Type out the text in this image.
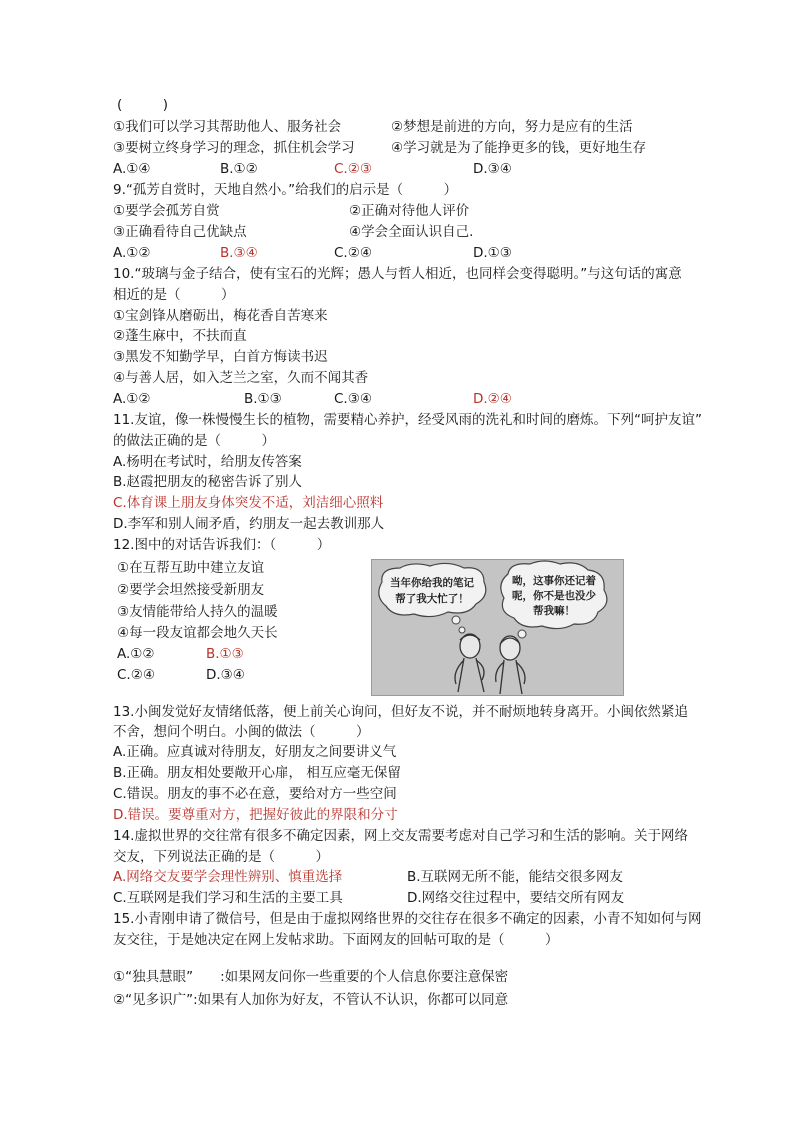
(　　　)
①我们可以学习其帮助他人、服务社会	②梦想是前进的方向，努力是应有的生活
③要树立终身学习的理念，抓住机会学习	④学习就是为了能挣更多的钱，更好地生存
A.①④	B.①②	C.②③	D.③④
9.“孤芳自赏时，天地自然小。”给我们的启示是（　　　）
①要学会孤芳自赏	②正确对待他人评价
③正确看待自己优缺点	④学会全面认识自己.
A.①②	B.③④	C.②④	D.①③
10.“玻璃与金子结合，使有宝石的光辉；愚人与哲人相近，也同样会变得聪明。”与这句话的寓意
相近的是（　　　）
①宝剑锋从磨砺出，梅花香自苦寒来
②蓬生麻中，不扶而直
③黑发不知勤学早，白首方悔读书迟
④与善人居，如入芝兰之室，久而不闻其香
A.①②	B.①③	C.③④	D.②④
11.友谊，像一株慢慢生长的植物，需要精心养护，经受风雨的洗礼和时间的磨炼。下列“呵护友谊”
的做法正确的是（　　　）
A.杨明在考试时，给朋友传答案
B.赵霞把朋友的秘密告诉了别人
C.体育课上朋友身体突发不适，刘洁细心照料
D.李军和别人闹矛盾，约朋友一起去教训那人
12.图中的对话告诉我们：（　　　）
①在互帮互助中建立友谊
②要学会坦然接受新朋友
③友情能带给人持久的温暖
④每一段友谊都会地久天长
A.①②	B.①③
C.②④	D.③④
当年你给我的笔记
帮了我大忙了！
呦，这事你还记着
呢，你不是也没少
帮我嘛！
13.小闽发觉好友情绪低落，便上前关心询问，但好友不说，并不耐烦地转身离开。小闽依然紧追
不舍，想问个明白。小闽的做法（　　　）
A.正确。应真诚对待朋友，好朋友之间要讲义气
B.正确。朋友相处要敞开心扉， 相互应毫无保留
C.错误。朋友的事不必在意，要给对方一些空间
D.错误。要尊重对方，把握好彼此的界限和分寸
14.虚拟世界的交往常有很多不确定因素，网上交友需要考虑对自己学习和生活的影响。关于网络
交友，下列说法正确的是（　　　）
A.网络交友要学会理性辨别、慎重选择	B.互联网无所不能，能结交很多网友
C.互联网是我们学习和生活的主要工具	D.网络交往过程中，要结交所有网友
15.小青刚申请了微信号，但是由于虚拟网络世界的交往存在很多不确定的因素，小青不知如何与网
友交往，于是她决定在网上发帖求助。下面网友的回帖可取的是（　　　）
①“独具慧眼”　　:如果网友问你一些重要的个人信息你要注意保密
②“见多识广”:如果有人加你为好友，不管认不认识，你都可以同意
